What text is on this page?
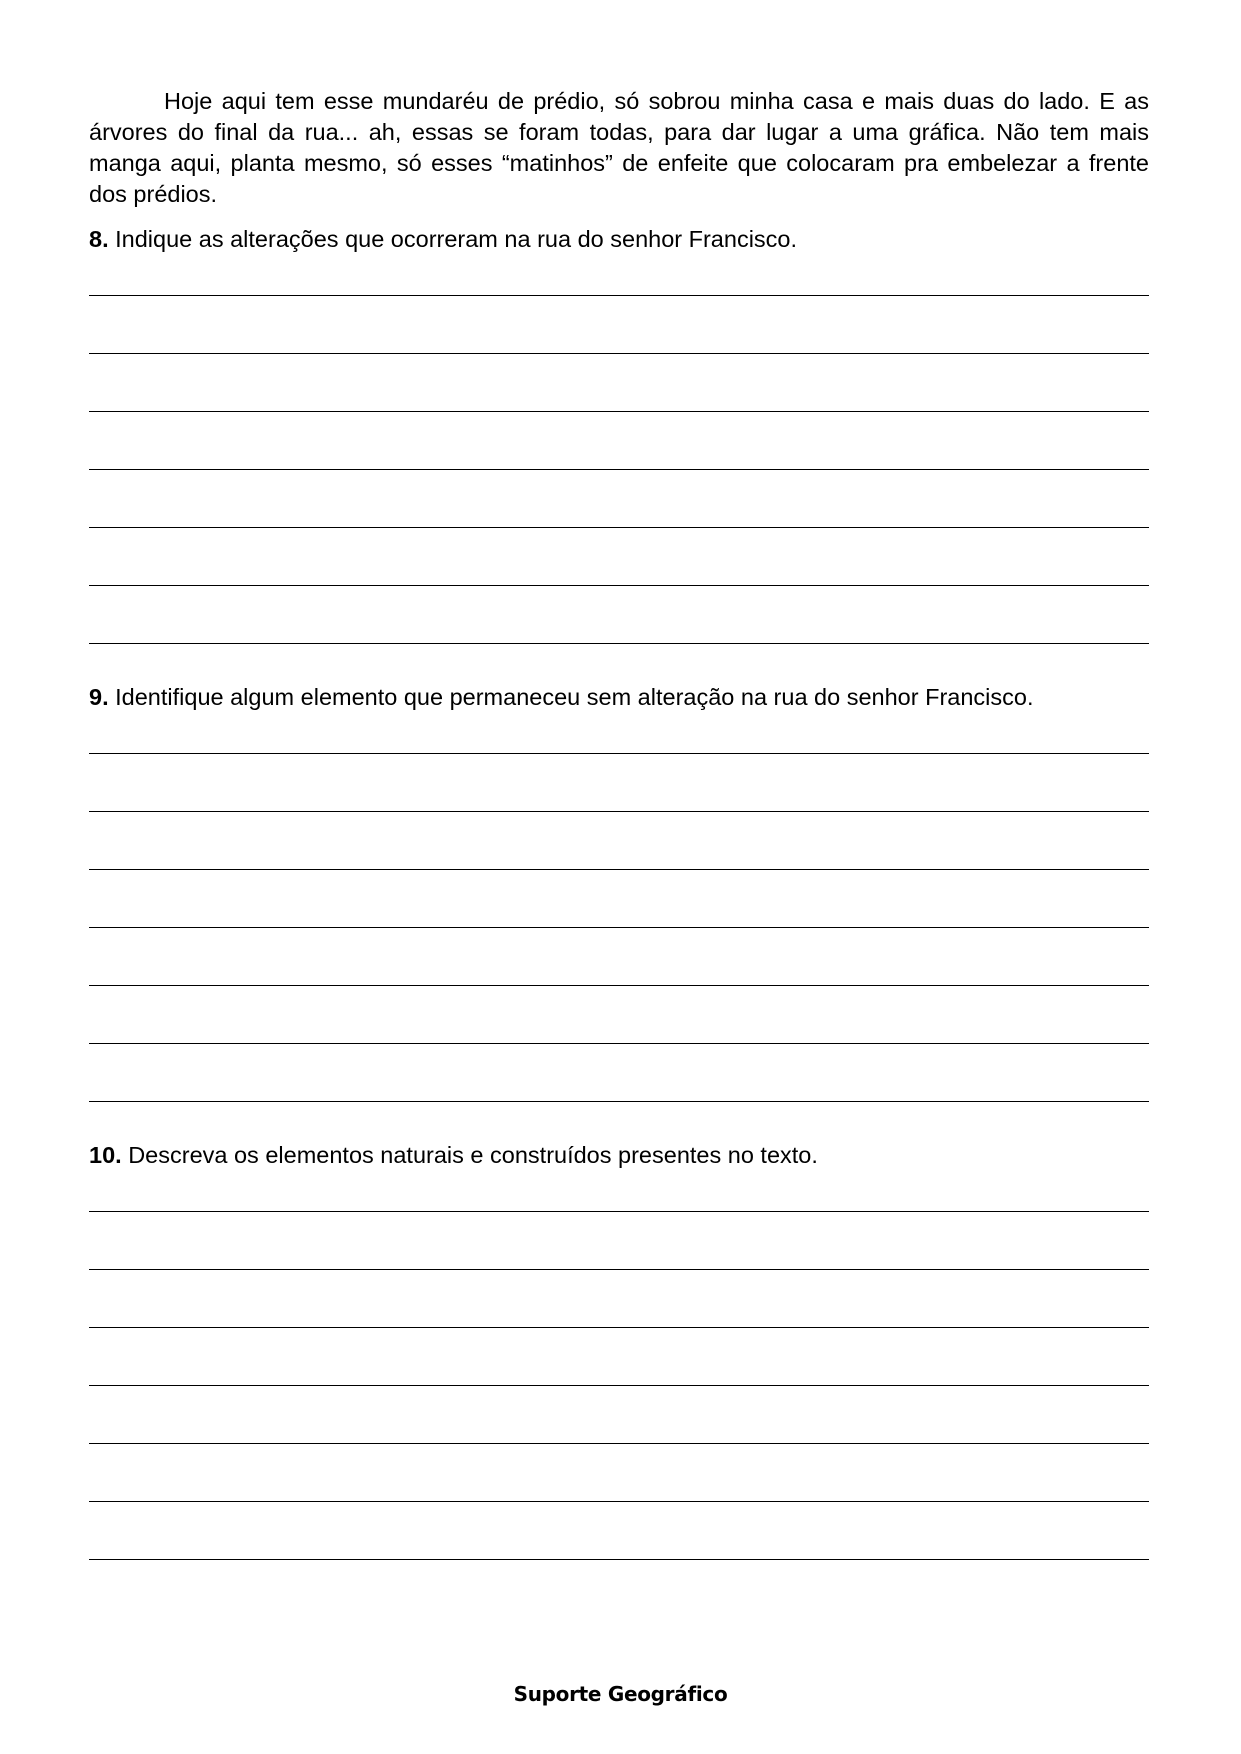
Hoje aqui tem esse mundaréu de prédio, só sobrou minha casa e mais duas do lado. E as árvores do final da rua... ah, essas se foram todas, para dar lugar a uma gráfica. Não tem mais manga aqui, planta mesmo, só esses “matinhos” de enfeite que colocaram pra embelezar a frente dos prédios.

8. Indique as alterações que ocorreram na rua do senhor Francisco.

9. Identifique algum elemento que permaneceu sem alteração na rua do senhor Francisco.

10. Descreva os elementos naturais e construídos presentes no texto.

Suporte Geográfico
